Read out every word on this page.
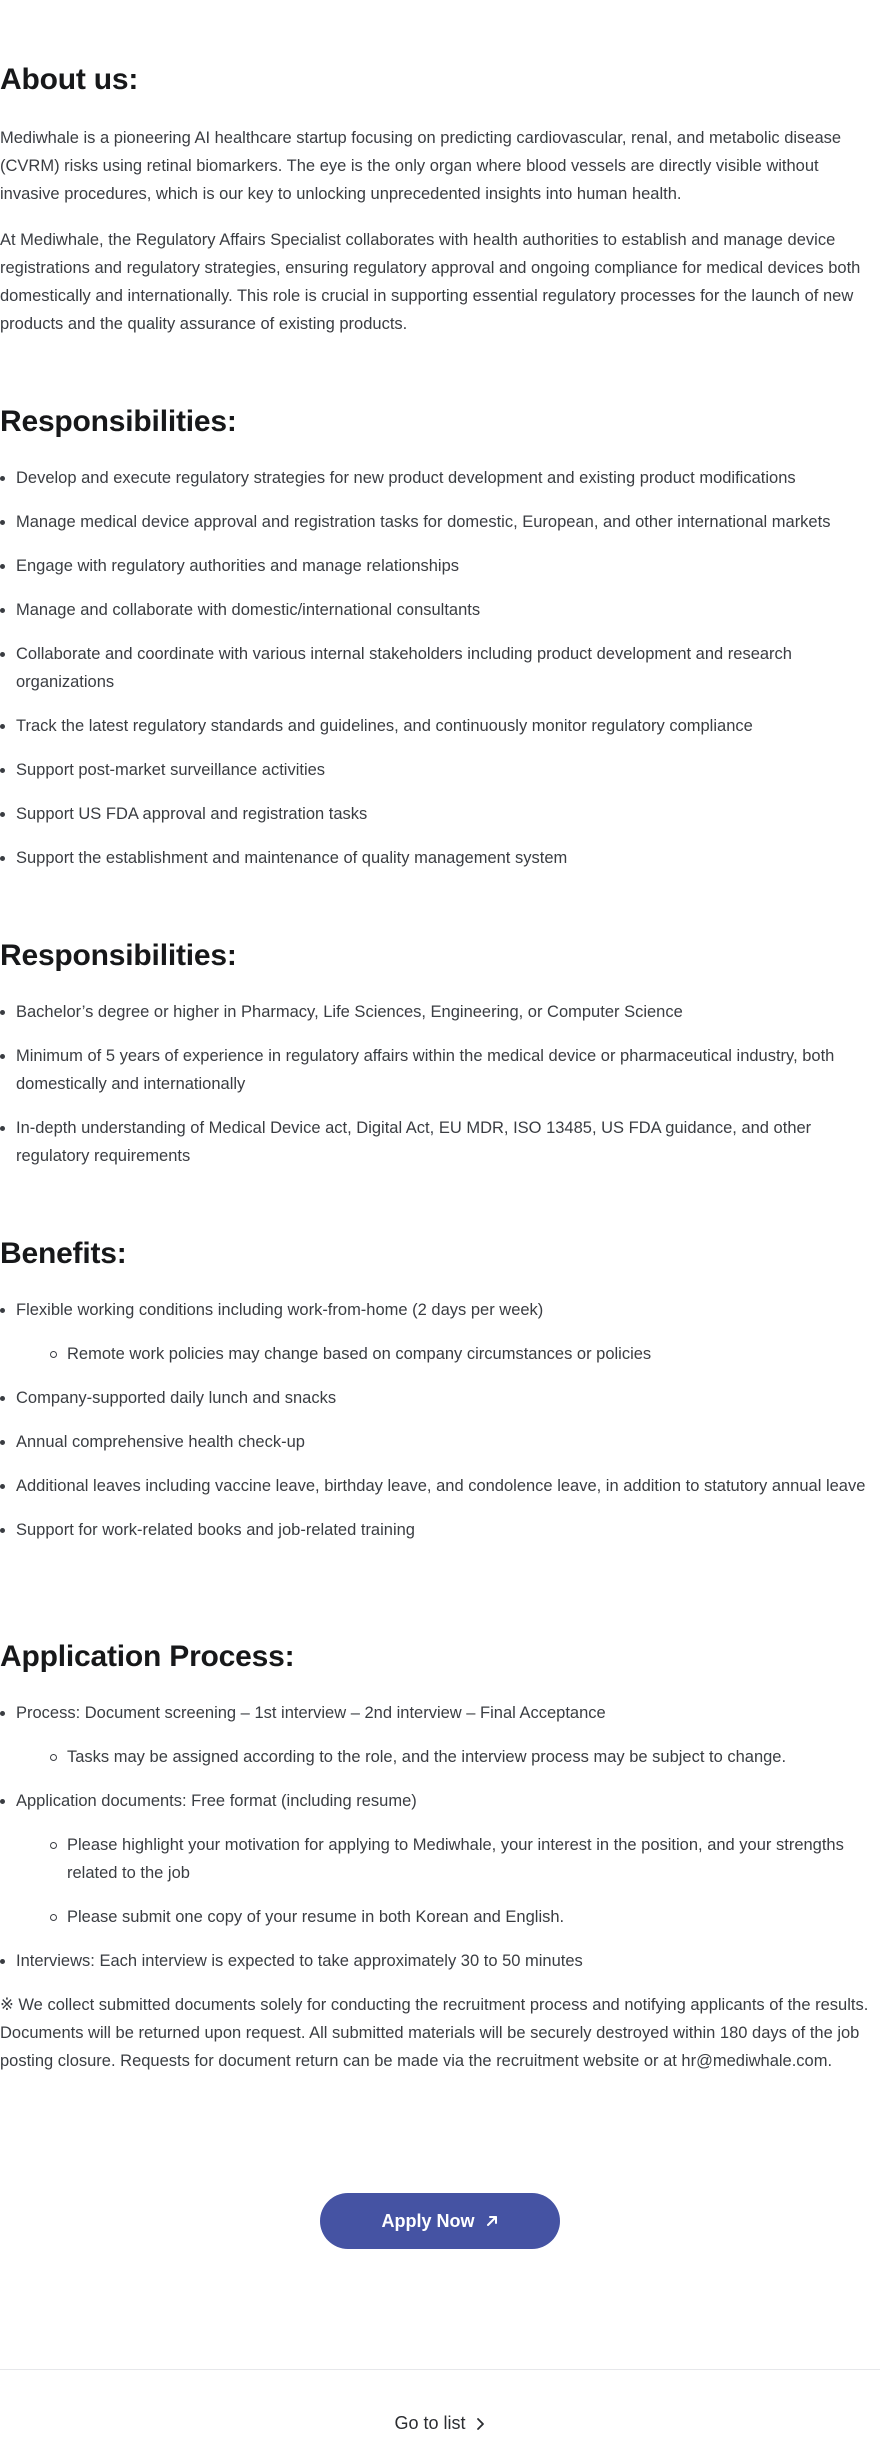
About us:

Mediwhale is a pioneering AI healthcare startup focusing on predicting cardiovascular, renal, and metabolic disease (CVRM) risks using retinal biomarkers. The eye is the only organ where blood vessels are directly visible without invasive procedures, which is our key to unlocking unprecedented insights into human health.

At Mediwhale, the Regulatory Affairs Specialist collaborates with health authorities to establish and manage device registrations and regulatory strategies, ensuring regulatory approval and ongoing compliance for medical devices both domestically and internationally. This role is crucial in supporting essential regulatory processes for the launch of new products and the quality assurance of existing products.

Responsibilities:
Develop and execute regulatory strategies for new product development and existing product modifications
Manage medical device approval and registration tasks for domestic, European, and other international markets
Engage with regulatory authorities and manage relationships
Manage and collaborate with domestic/international consultants
Collaborate and coordinate with various internal stakeholders including product development and research organizations
Track the latest regulatory standards and guidelines, and continuously monitor regulatory compliance
Support post-market surveillance activities
Support US FDA approval and registration tasks
Support the establishment and maintenance of quality management system
Responsibilities:
Bachelor’s degree or higher in Pharmacy, Life Sciences, Engineering, or Computer Science
Minimum of 5 years of experience in regulatory affairs within the medical device or pharmaceutical industry, both domestically and internationally
In-depth understanding of Medical Device act, Digital Act, EU MDR, ISO 13485, US FDA guidance, and other regulatory requirements
Benefits:
Flexible working conditions including work-from-home (2 days per week)
Remote work policies may change based on company circumstances or policies
Company-supported daily lunch and snacks
Annual comprehensive health check-up
Additional leaves including vaccine leave, birthday leave, and condolence leave, in addition to statutory annual leave
Support for work-related books and job-related training
Application Process:
Process: Document screening – 1st interview – 2nd interview – Final Acceptance
Tasks may be assigned according to the role, and the interview process may be subject to change.
Application documents: Free format (including resume)
Please highlight your motivation for applying to Mediwhale, your interest in the position, and your strengths related to the job
Please submit one copy of your resume in both Korean and English.
Interviews: Each interview is expected to take approximately 30 to 50 minutes

※ We collect submitted documents solely for conducting the recruitment process and notifying applicants of the results. Documents will be returned upon request. All submitted materials will be securely destroyed within 180 days of the job posting closure. Requests for document return can be made via the recruitment website or at hr@mediwhale.com.

Apply Now
Go to list
